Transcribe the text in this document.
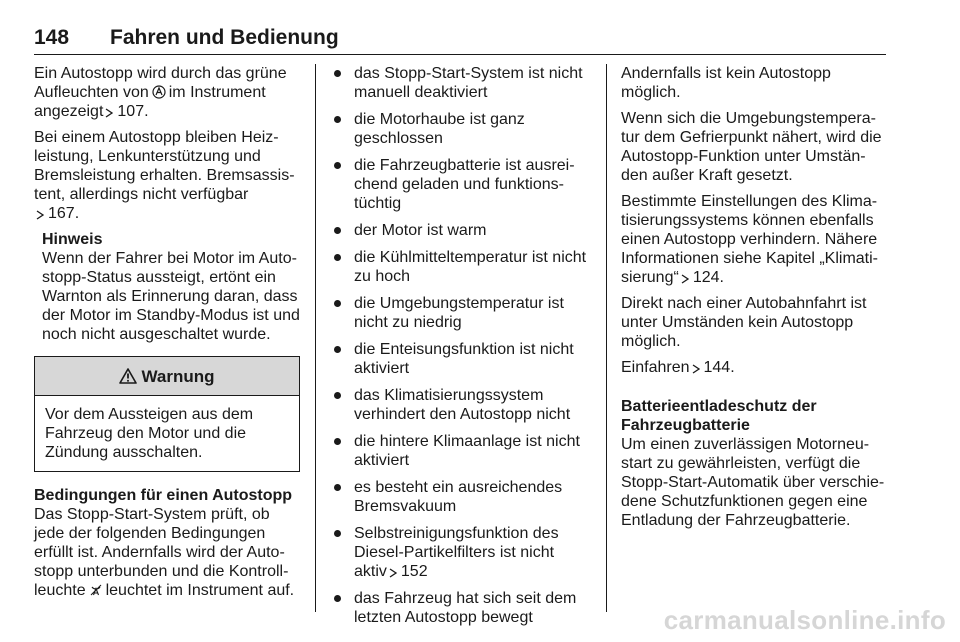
148 Fahren und Bedienung
Ein Autostopp wird durch das grüne
Aufleuchten von im Instrument
angezeigt 107.
Bei einem Autostopp bleiben Heiz-
leistung, Lenkunterstützung und
Bremsleistung erhalten. Bremsassis-
tent, allerdings nicht verfügbar
167.
Hinweis
Wenn der Fahrer bei Motor im Auto-
stopp-Status aussteigt, ertönt ein
Warnton als Erinnerung daran, dass
der Motor im Standby-Modus ist und
noch nicht ausgeschaltet wurde.
Warnung
Vor dem Aussteigen aus dem
Fahrzeug den Motor und die
Zündung ausschalten.
Bedingungen für einen Autostopp
Das Stopp-Start-System prüft, ob
jede der folgenden Bedingungen
erfüllt ist. Andernfalls wird der Auto-
stopp unterbunden und die Kontroll-
leuchte leuchtet im Instrument auf.
das Stopp-Start-System ist nicht
manuell deaktiviert
die Motorhaube ist ganz
geschlossen
die Fahrzeugbatterie ist ausrei-
chend geladen und funktions-
tüchtig
der Motor ist warm
die Kühlmitteltemperatur ist nicht
zu hoch
die Umgebungstemperatur ist
nicht zu niedrig
die Enteisungsfunktion ist nicht
aktiviert
das Klimatisierungssystem
verhindert den Autostopp nicht
die hintere Klimaanlage ist nicht
aktiviert
es besteht ein ausreichendes
Bremsvakuum
Selbstreinigungsfunktion des
Diesel-Partikelfilters ist nicht
aktiv 152
das Fahrzeug hat sich seit dem
letzten Autostopp bewegt
Andernfalls ist kein Autostopp
möglich.
Wenn sich die Umgebungstempera-
tur dem Gefrierpunkt nähert, wird die
Autostopp-Funktion unter Umstän-
den außer Kraft gesetzt.
Bestimmte Einstellungen des Klima-
tisierungssystems können ebenfalls
einen Autostopp verhindern. Nähere
Informationen siehe Kapitel „Klimati-
sierung“ 124.
Direkt nach einer Autobahnfahrt ist
unter Umständen kein Autostopp
möglich.
Einfahren 144.
Batterieentladeschutz der
Fahrzeugbatterie
Um einen zuverlässigen Motorneu-
start zu gewährleisten, verfügt die
Stopp-Start-Automatik über verschie-
dene Schutzfunktionen gegen eine
Entladung der Fahrzeugbatterie.
carmanualsonline.info
